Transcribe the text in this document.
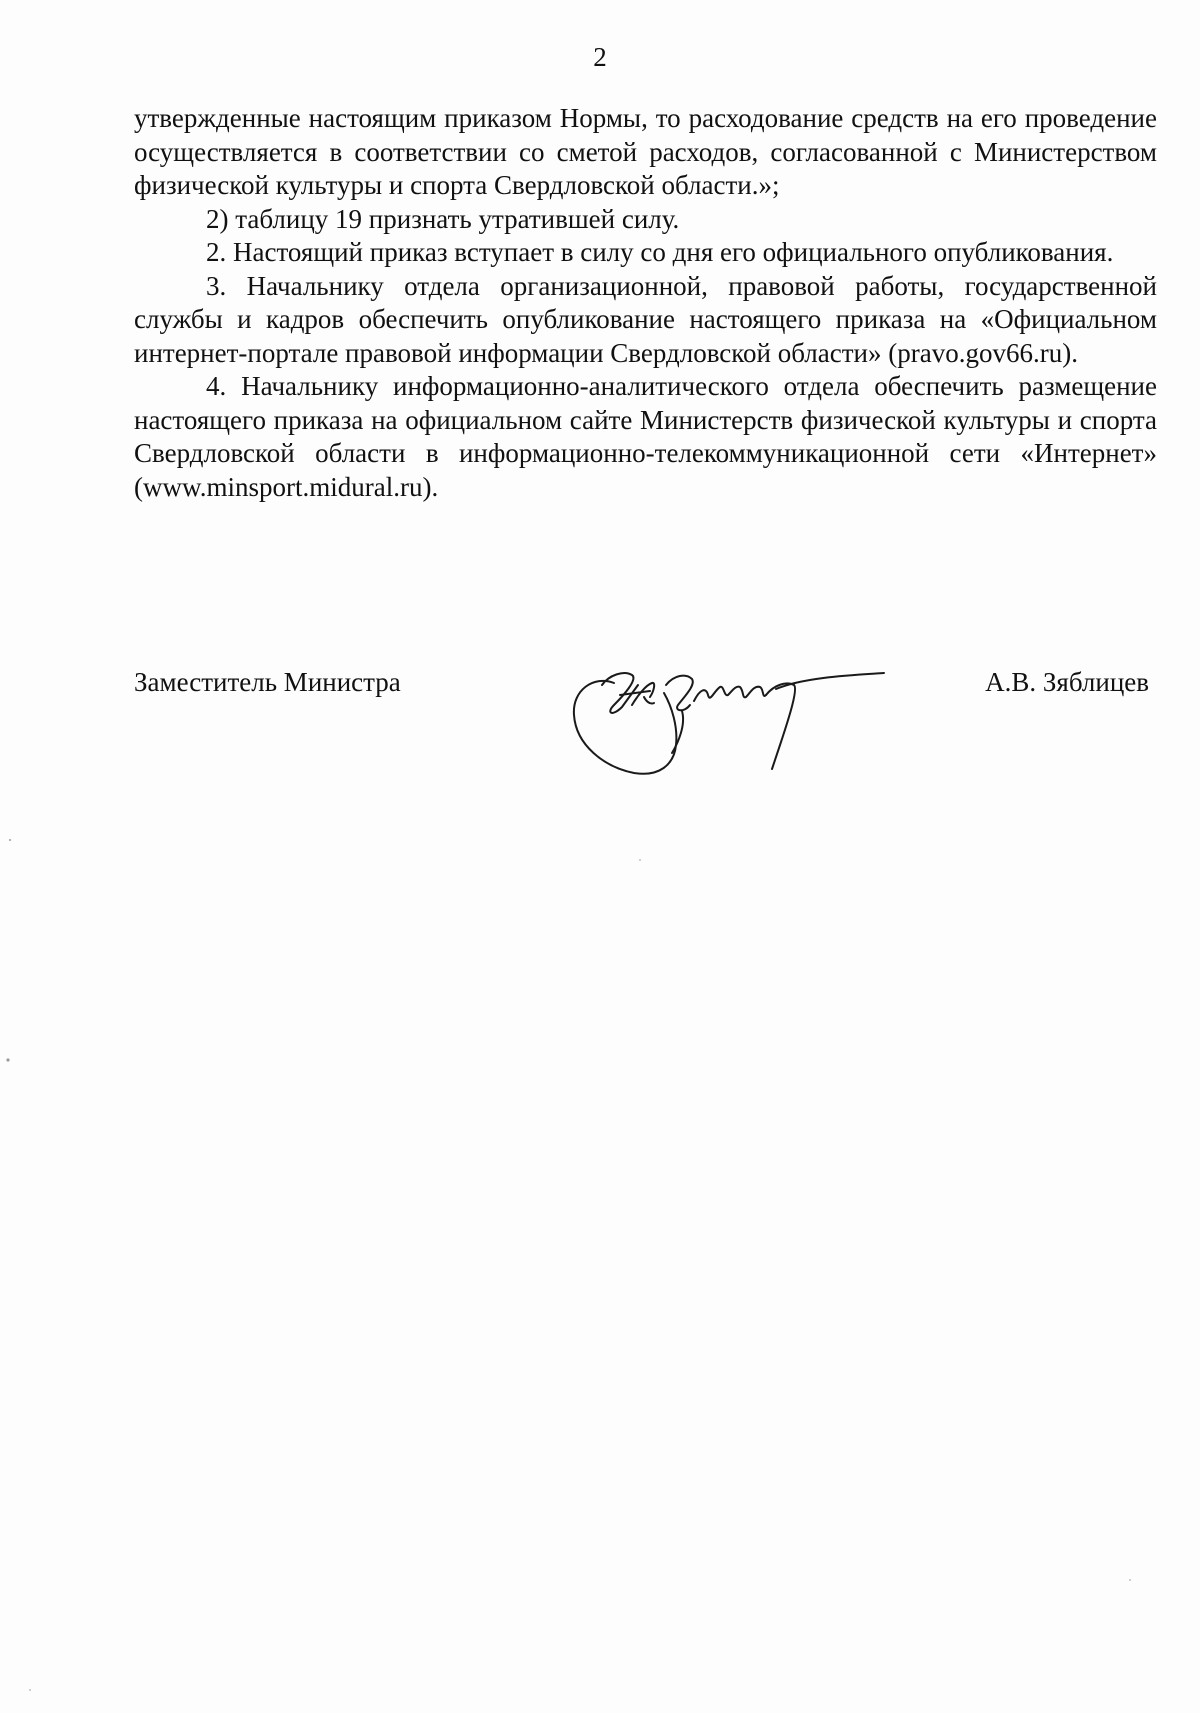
2

утвержденные настоящим приказом Нормы, то расходование средств на его проведение осуществляется в соответствии со сметой расходов, согласованной с Министерством физической культуры и спорта Свердловской области.»;

2) таблицу 19 признать утратившей силу.

2. Настоящий приказ вступает в силу со дня его официального опубликования.

3. Начальнику отдела организационной, правовой работы, государственной службы и кадров обеспечить опубликование настоящего приказа на «Официальном интернет-портале правовой информации Свердловской области» (pravo.gov66.ru).

4. Начальнику информационно-аналитического отдела обеспечить размещение настоящего приказа на официальном сайте Министерств физической культуры и спорта Свердловской области в информационно-телекоммуникационной сети «Интернет» (www.minsport.midural.ru).

Заместитель Министра	А.В. Зяблицев
